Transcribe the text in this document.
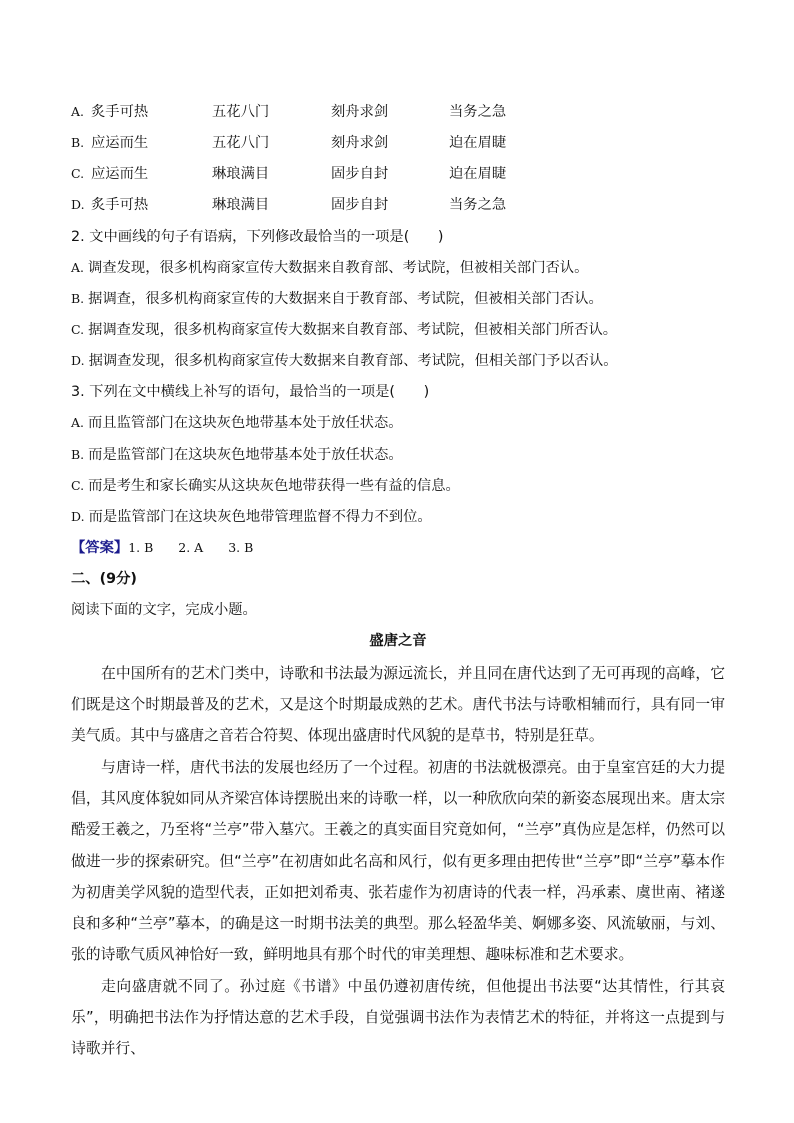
A. 炙手可热	五花八门	刻舟求剑	当务之急
B. 应运而生	五花八门	刻舟求剑	迫在眉睫
C. 应运而生	琳琅满目	固步自封	迫在眉睫
D. 炙手可热	琳琅满目	固步自封	当务之急
2. 文中画线的句子有语病，下列修改最恰当的一项是(　　)
A. 调查发现，很多机构商家宣传大数据来自教育部、考试院，但被相关部门否认。
B. 据调查，很多机构商家宣传的大数据来自于教育部、考试院，但被相关部门否认。
C. 据调查发现，很多机构商家宣传大数据来自教育部、考试院，但被相关部门所否认。
D. 据调查发现，很多机构商家宣传大数据来自教育部、考试院，但相关部门予以否认。
3. 下列在文中横线上补写的语句，最恰当的一项是(　　)
A. 而且监管部门在这块灰色地带基本处于放任状态。
B. 而是监管部门在这块灰色地带基本处于放任状态。
C. 而是考生和家长确实从这块灰色地带获得一些有益的信息。
D. 而是监管部门在这块灰色地带管理监督不得力不到位。
【答案】1. B　　2. A　　3. B
二、(9分)
阅读下面的文字，完成小题。
盛唐之音

在中国所有的艺术门类中，诗歌和书法最为源远流长，并且同在唐代达到了无可再现的高峰，它们既是这个时期最普及的艺术，又是这个时期最成熟的艺术。唐代书法与诗歌相辅而行，具有同一审美气质。其中与盛唐之音若合符契、体现出盛唐时代风貌的是草书，特别是狂草。

与唐诗一样，唐代书法的发展也经历了一个过程。初唐的书法就极漂亮。由于皇室宫廷的大力提倡，其风度体貌如同从齐梁宫体诗摆脱出来的诗歌一样，以一种欣欣向荣的新姿态展现出来。唐太宗酷爱王羲之，乃至将“兰亭”带入墓穴。王羲之的真实面目究竟如何，“兰亭”真伪应是怎样，仍然可以做进一步的探索研究。但“兰亭”在初唐如此名高和风行，似有更多理由把传世“兰亭”即“兰亭”摹本作为初唐美学风貌的造型代表，正如把刘希夷、张若虚作为初唐诗的代表一样，冯承素、虞世南、褚遂良和多种“兰亭”摹本，的确是这一时期书法美的典型。那么轻盈华美、婀娜多姿、风流敏丽，与刘、张的诗歌气质风神恰好一致，鲜明地具有那个时代的审美理想、趣味标准和艺术要求。

走向盛唐就不同了。孙过庭《书谱》中虽仍遵初唐传统，但他提出书法要“达其情性，行其哀乐”，明确把书法作为抒情达意的艺术手段，自觉强调书法作为表情艺术的特征，并将这一点提到与诗歌并行、
